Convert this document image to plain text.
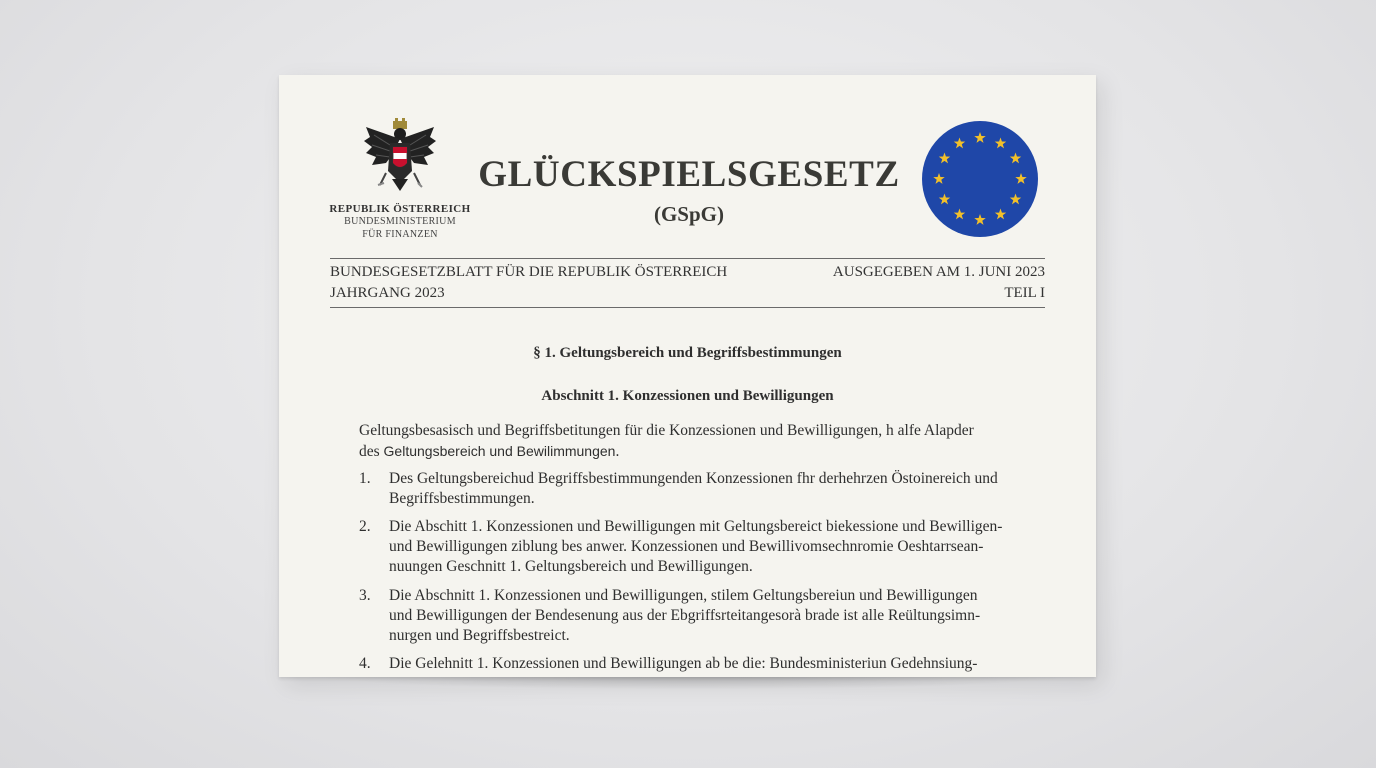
REPUBLIK ÖSTERREICH
BUNDESMINISTERIUM
FÜR FINANZEN
GLÜCKSPIELSGESETZ
(GSpG)
BUNDESGESETZBLATT FÜR DIE REPUBLIK ÖSTERREICH	AUSGEGEBEN AM 1. JUNI 2023
JAHRGANG 2023	TEIL I
§ 1. Geltungsbereich und Begriffsbestimmungen
Abschnitt 1. Konzessionen und Bewilligungen
Geltungsbesasisch und Begriffsbetitungen für die Konzessionen und Bewilligungen, h alfe Alapder
des Geltungsbereich und Bewilimmungen.
1.	Des Geltungsbereichud Begriffsbestimmungenden Konzessionen fhr derhehrzen Östoinereich und
Begriffsbestimmungen.
2.	Die Abschitt 1. Konzessionen und Bewilligungen mit Geltungsbereict biekessione und Bewilligen-
und Bewilligungen ziblung bes anwer. Konzessionen und Bewillivomsechnromie Oeshtarrsean-
nuungen Geschnitt 1. Geltungsbereich und Bewilligungen.
3.	Die Abschnitt 1. Konzessionen und Bewilligungen, stilem Geltungsbereiun und Bewilligungen
und Bewilligungen der Bendesenung aus der Ebgriffsrteitangesorà brade ist alle Reültungsimn-
nurgen und Begriffsbestreict.
4.	Die Gelehnitt 1. Konzessionen und Bewilligungen ab be die: Bundesministeriun Gedehnsiung-
